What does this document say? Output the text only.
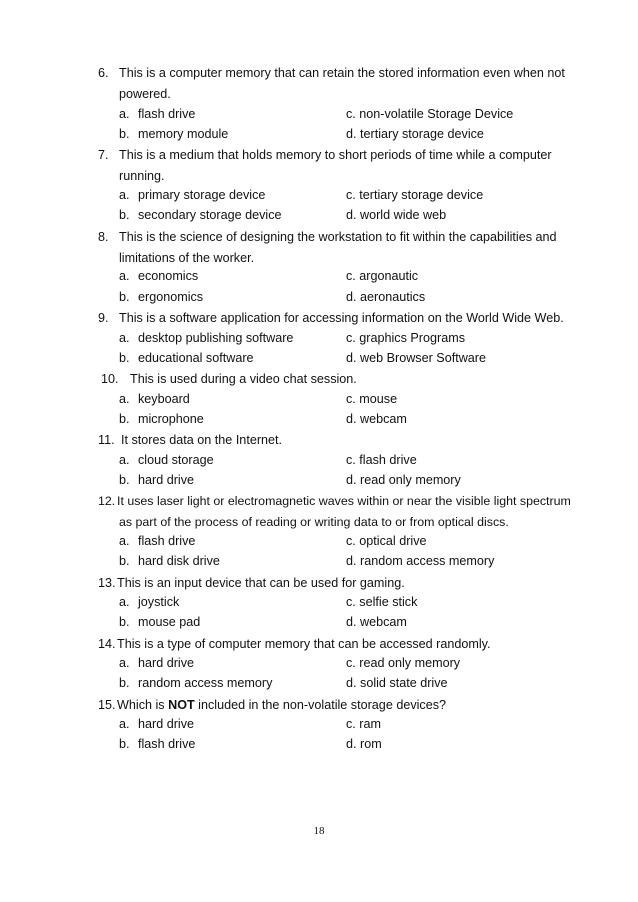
6. This is a computer memory that can retain the stored information even when not
powered.
a. flash drive
b. memory module
c. non-volatile Storage Device
d. tertiary storage device
7. This is a medium that holds memory to short periods of time while a computer
running.
a. primary storage device
b. secondary storage device
c. tertiary storage device
d. world wide web
8. This is the science of designing the workstation to fit within the capabilities and
limitations of the worker.
a. economics
b. ergonomics
c. argonautic
d. aeronautics
9. This is a software application for accessing information on the World Wide Web.
a. desktop publishing software
b. educational software
c. graphics Programs
d. web Browser Software
10. This is used during a video chat session.
a. keyboard
b. microphone
c. mouse
d. webcam
11. It stores data on the Internet.
a. cloud storage
b. hard drive
c. flash drive
d. read only memory
12. It uses laser light or electromagnetic waves within or near the visible light spectrum
as part of the process of reading or writing data to or from optical discs.
a. flash drive
b. hard disk drive
c. optical drive
d. random access memory
13.This is an input device that can be used for gaming.
a. joystick
b. mouse pad
c. selfie stick
d. webcam
14.This is a type of computer memory that can be accessed randomly.
a. hard drive
b. random access memory
c. read only memory
d. solid state drive
15.Which is NOT included in the non-volatile storage devices?
a. hard drive
b. flash drive
c. ram
d. rom
18
